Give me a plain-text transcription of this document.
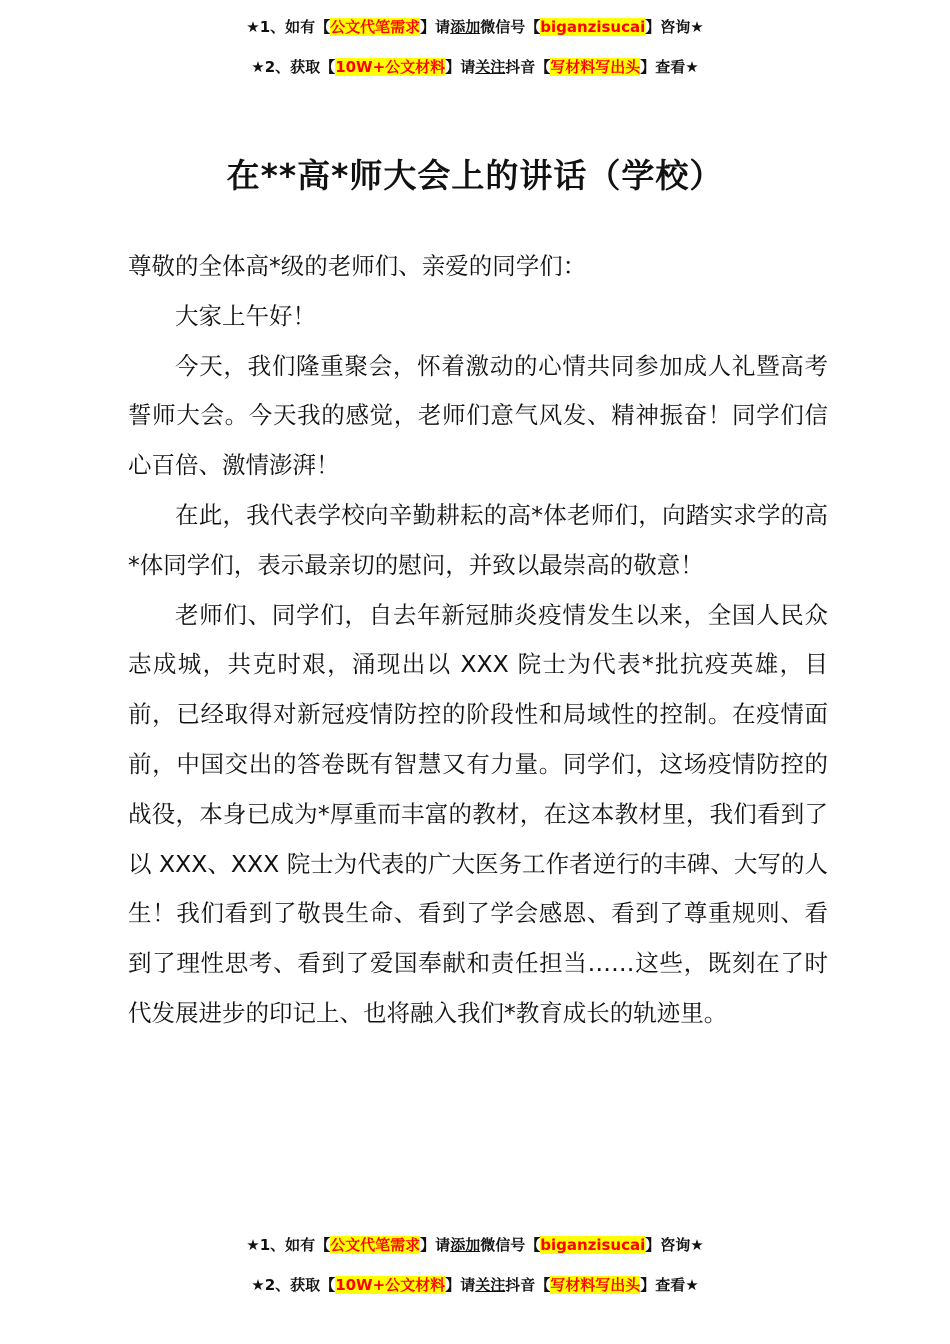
★1、如有【公文代笔需求】请添加微信号【biganzisucai】咨询★
★2、获取【10W+公文材料】请关注抖音【写材料写出头】查看★
在**高*师大会上的讲话（学校）

尊敬的全体高*级的老师们、亲爱的同学们：

大家上午好！

今天，我们隆重聚会，怀着激动的心情共同参加成人礼暨高考誓师大会。今天我的感觉，老师们意气风发、精神振奋！同学们信心百倍、激情澎湃！

在此，我代表学校向辛勤耕耘的高*体老师们，向踏实求学的高*体同学们，表示最亲切的慰问，并致以最崇高的敬意！

老师们、同学们，自去年新冠肺炎疫情发生以来，全国人民众志成城，共克时艰，涌现出以 XXX 院士为代表*批抗疫英雄，目前，已经取得对新冠疫情防控的阶段性和局域性的控制。在疫情面前，中国交出的答卷既有智慧又有力量。同学们，这场疫情防控的战役，本身已成为*厚重而丰富的教材，在这本教材里，我们看到了以 XXX、XXX 院士为代表的广大医务工作者逆行的丰碑、大写的人生！我们看到了敬畏生命、看到了学会感恩、看到了尊重规则、看到了理性思考、看到了爱国奉献和责任担当……这些，既刻在了时代发展进步的印记上、也将融入我们*教育成长的轨迹里。

★1、如有【公文代笔需求】请添加微信号【biganzisucai】咨询★
★2、获取【10W+公文材料】请关注抖音【写材料写出头】查看★
